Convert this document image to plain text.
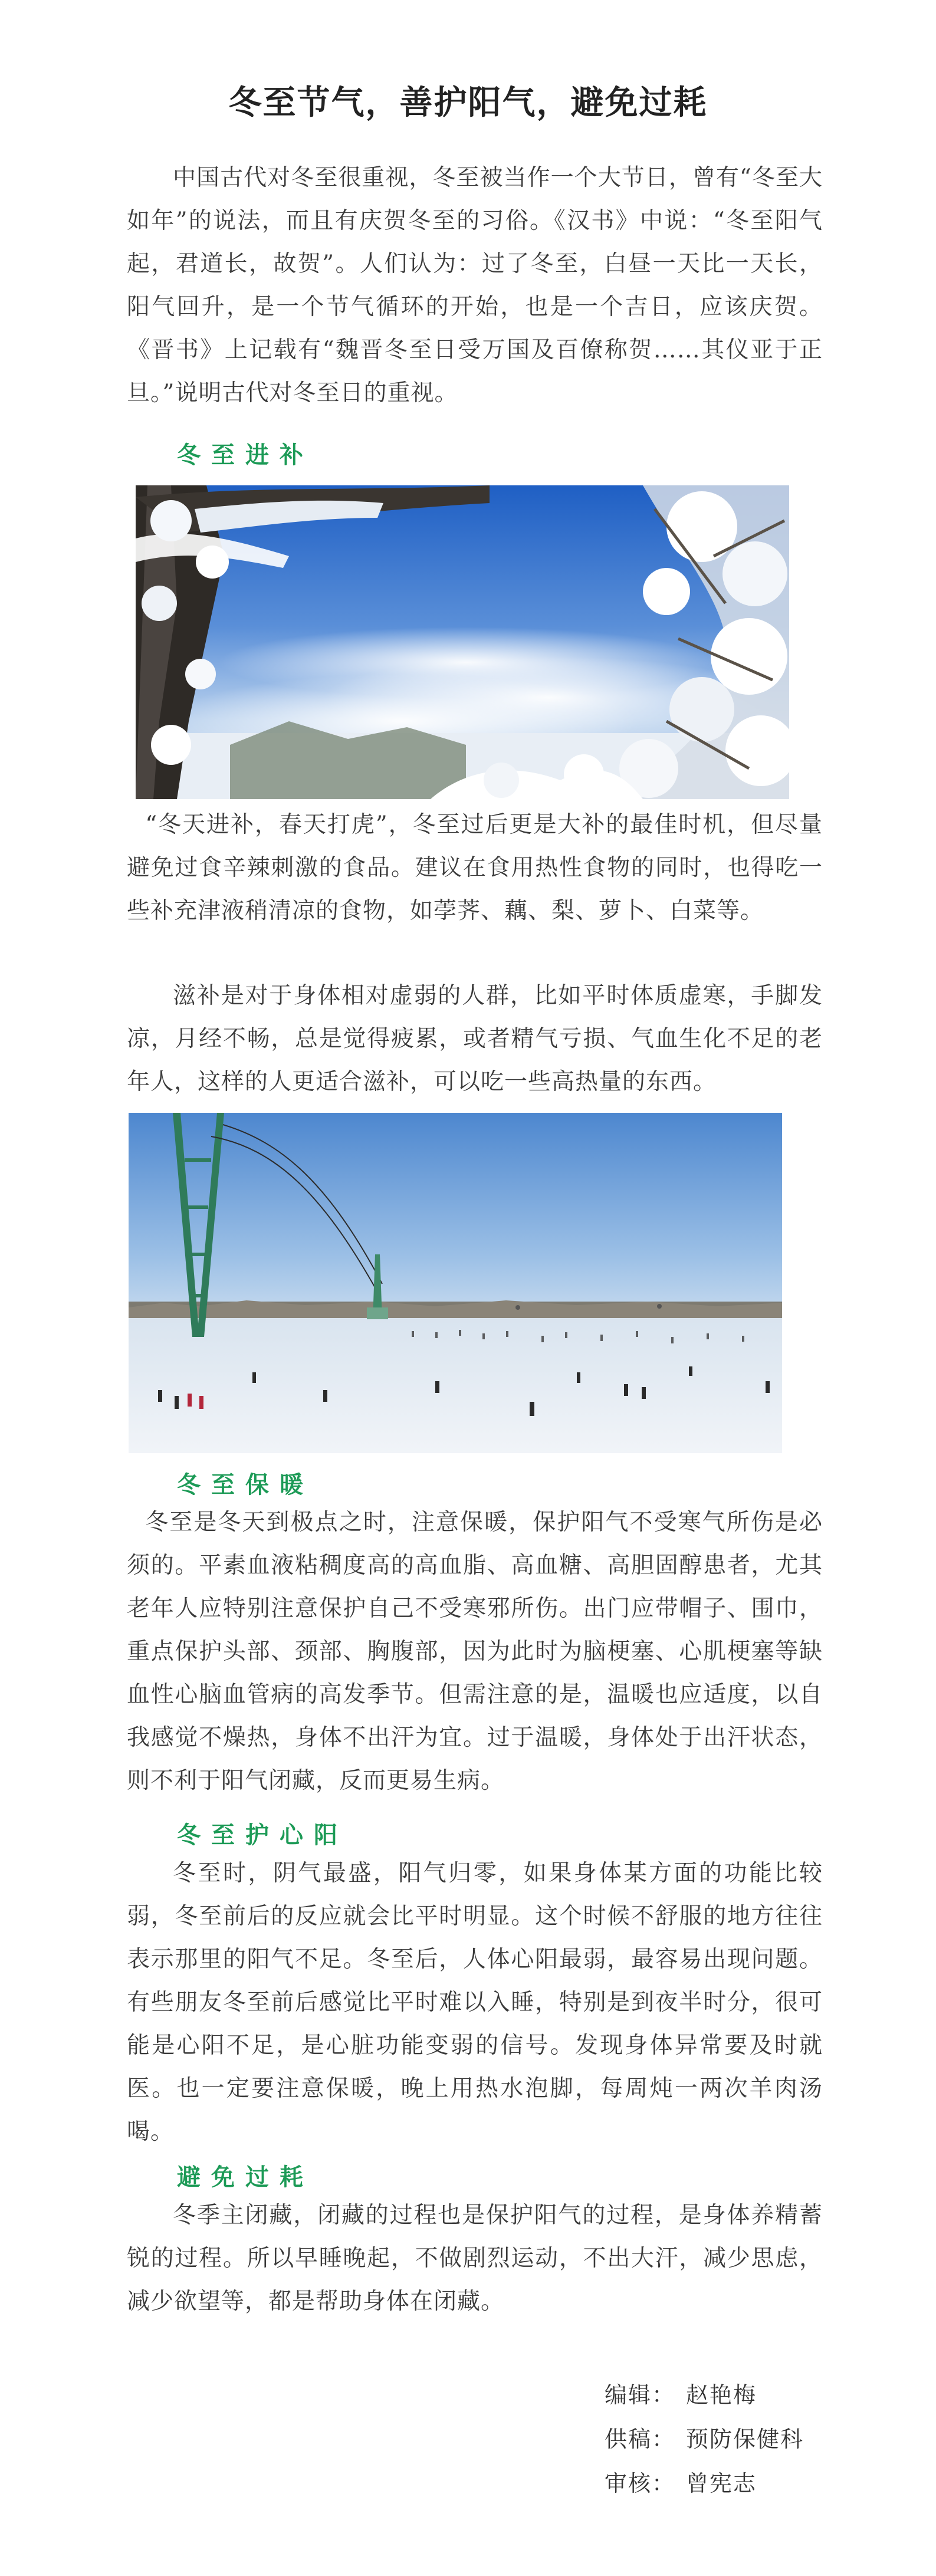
冬至节气，善护阳气，避免过耗

中国古代对冬至很重视，冬至被当作一个大节日，曾有“冬至大如年”的说法，而且有庆贺冬至的习俗。《汉书》中说：“冬至阳气起，君道长，故贺”。人们认为：过了冬至，白昼一天比一天长，阳气回升，是一个节气循环的开始，也是一个吉日，应该庆贺。《晋书》上记载有“魏晋冬至日受万国及百僚称贺……其仪亚于正旦。”说明古代对冬至日的重视。

冬至进补

“冬天进补，春天打虎”，冬至过后更是大补的最佳时机，但尽量避免过食辛辣刺激的食品。建议在食用热性食物的同时，也得吃一些补充津液稍清凉的食物，如荸荠、藕、梨、萝卜、白菜等。

滋补是对于身体相对虚弱的人群，比如平时体质虚寒，手脚发凉，月经不畅，总是觉得疲累，或者精气亏损、气血生化不足的老年人，这样的人更适合滋补，可以吃一些高热量的东西。

冬至保暖

冬至是冬天到极点之时，注意保暖，保护阳气不受寒气所伤是必须的。平素血液粘稠度高的高血脂、高血糖、高胆固醇患者，尤其老年人应特别注意保护自己不受寒邪所伤。出门应带帽子、围巾，重点保护头部、颈部、胸腹部，因为此时为脑梗塞、心肌梗塞等缺血性心脑血管病的高发季节。但需注意的是，温暖也应适度，以自我感觉不燥热，身体不出汗为宜。过于温暖，身体处于出汗状态，则不利于阳气闭藏，反而更易生病。

冬至护心阳

冬至时，阴气最盛，阳气归零，如果身体某方面的功能比较弱，冬至前后的反应就会比平时明显。这个时候不舒服的地方往往表示那里的阳气不足。冬至后，人体心阳最弱，最容易出现问题。有些朋友冬至前后感觉比平时难以入睡，特别是到夜半时分，很可能是心阳不足，是心脏功能变弱的信号。发现身体异常要及时就医。也一定要注意保暖，晚上用热水泡脚，每周炖一两次羊肉汤喝。

避免过耗

冬季主闭藏，闭藏的过程也是保护阳气的过程，是身体养精蓄锐的过程。所以早睡晚起，不做剧烈运动，不出大汗，减少思虑，减少欲望等，都是帮助身体在闭藏。

编辑： 赵艳梅
供稿： 预防保健科
审核： 曾宪志
